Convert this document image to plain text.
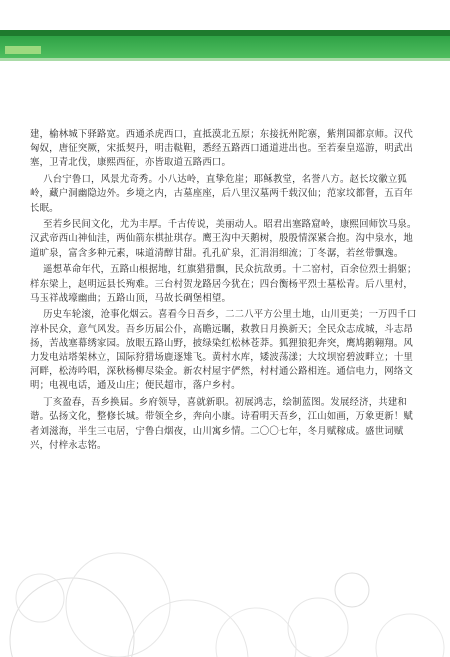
建，榆林城下驿路宽。西通杀虎西口，直抵漠北五原；东接抚州陀寨，紫荆国都京师。汉代匈奴，唐征突厥，宋抵契丹，明击鞑靼，悉经五路西口通道进出也。至若秦皇巡游，明武出塞，卫青北伐，康熙西征，亦皆取道五路西口。

八台宁鲁口，风景尤奇秀。小八达岭，直挚危崖；耶稣教堂，名誉八方。赵长坟徽立狐岭，藏户洞幽隐边外。乡境之内，古墓座座，后八里汉墓两千载汉仙；范家坟都督，五百年长眠。

至若乡民间文化，尤为丰厚。千古传说，美丽动人。昭君出塞路窟岭，康熙回师饮马泉。汉武帝西山神仙洼，两仙箭东棋扯琪存。鹰王沟中天鹅树，殷殷情深紧合抱。沟中泉水，地道旷泉，富含多种元素，味道清醇甘甜。孔孔矿泉，汇涓涓细流；丁冬潺，若丝带飘逸。

遥想革命年代，五路山根据地，红旗猎猎飘，民众抗敌勇。十二窑村，百余位烈士捐躯；样东梁上，赵明远县长殉难。三台村贺龙路居今犹在；四台衡杨平烈士墓松青。后八里村，马玉祥战壕幽曲；五路山顶，马故长碉堡相望。

历史车轮滚，沧事化烟云。喜看今日吾乡，二二八平方公里土地，山川更美；一万四千口淳朴民众，意气风发。吾乡历届公仆，高瞻远瞩，救教日月换新天；全民众志成城，斗志昂扬，苦战塞幕绣家园。放眼五路山野，披绿染红松林苍莽。狐狸狼犯奔突，鹰鸠鹅翱翔。风力发电站塔架林立，国际狩猎场鹿逐雉飞。黄村水库，矮波荡漾；大坟坝窑碧波畔立；十里河畔，松涛吟唱，深秋杨柳尽染金。新农村屋宇俨然，村村通公路相连。通信电力，网络文明；电视电话，通及山庄；便民超市，落户乡村。

丁亥盈春，吾乡换届。乡府领导，喜就新职。初展鸿志，绘制蓝图。发展经济，共建和谐。弘扬文化，整修长城。带领全乡，奔向小康。诗看明天吾乡，江山如画，万象更新！赋者刘滋海，半生三屯居，宁鲁白烟夜，山川寓乡情。二〇〇七年，冬月赋稼成。盛世词赋兴，付梓永志铭。
